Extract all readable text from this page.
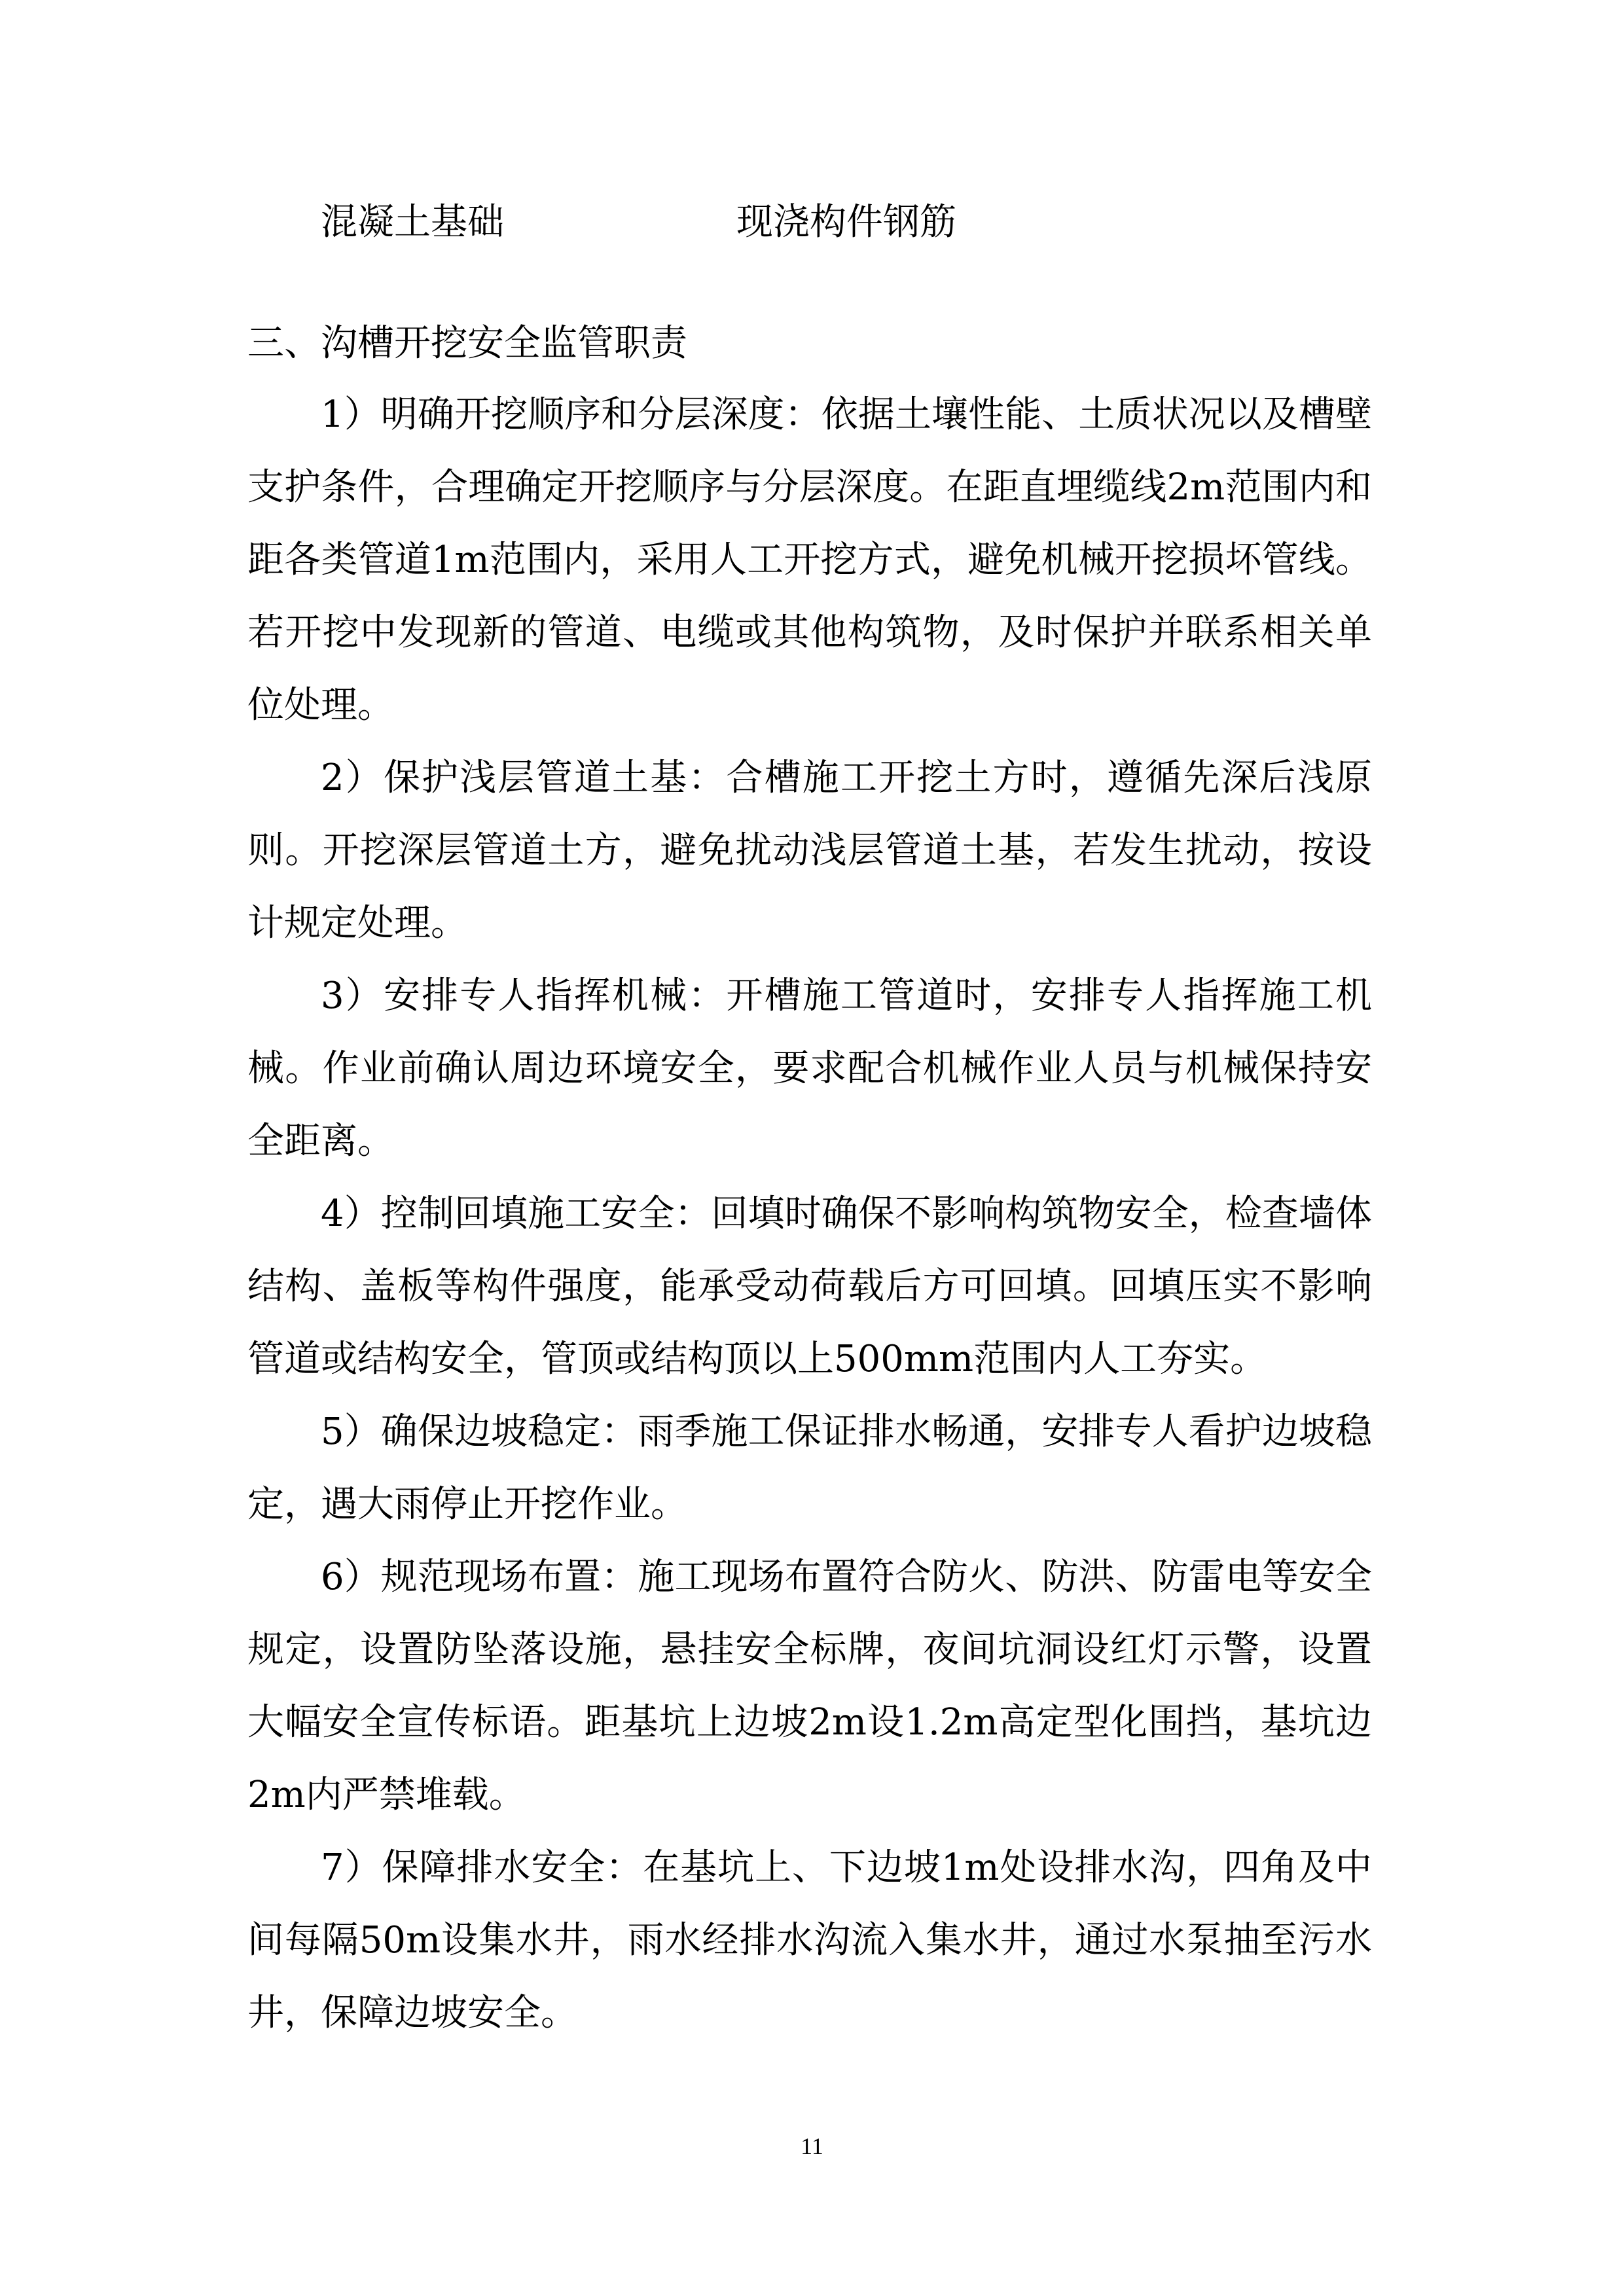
混凝土基础	现浇构件钢筋
三、沟槽开挖安全监管职责

1）明确开挖顺序和分层深度：依据土壤性能、土质状况以及槽壁支护条件，合理确定开挖顺序与分层深度。在距直埋缆线2m范围内和距各类管道1m范围内，采用人工开挖方式，避免机械开挖损坏管线。若开挖中发现新的管道、电缆或其他构筑物，及时保护并联系相关单位处理。

2）保护浅层管道土基：合槽施工开挖土方时，遵循先深后浅原则。开挖深层管道土方，避免扰动浅层管道土基，若发生扰动，按设计规定处理。

3）安排专人指挥机械：开槽施工管道时，安排专人指挥施工机械。作业前确认周边环境安全，要求配合机械作业人员与机械保持安全距离。

4）控制回填施工安全：回填时确保不影响构筑物安全，检查墙体结构、盖板等构件强度，能承受动荷载后方可回填。回填压实不影响管道或结构安全，管顶或结构顶以上500mm范围内人工夯实。

5）确保边坡稳定：雨季施工保证排水畅通，安排专人看护边坡稳定，遇大雨停止开挖作业。

6）规范现场布置：施工现场布置符合防火、防洪、防雷电等安全规定，设置防坠落设施，悬挂安全标牌，夜间坑洞设红灯示警，设置大幅安全宣传标语。距基坑上边坡2m设1.2m高定型化围挡，基坑边2m内严禁堆载。

7）保障排水安全：在基坑上、下边坡1m处设排水沟，四角及中间每隔50m设集水井，雨水经排水沟流入集水井，通过水泵抽至污水井，保障边坡安全。

11
